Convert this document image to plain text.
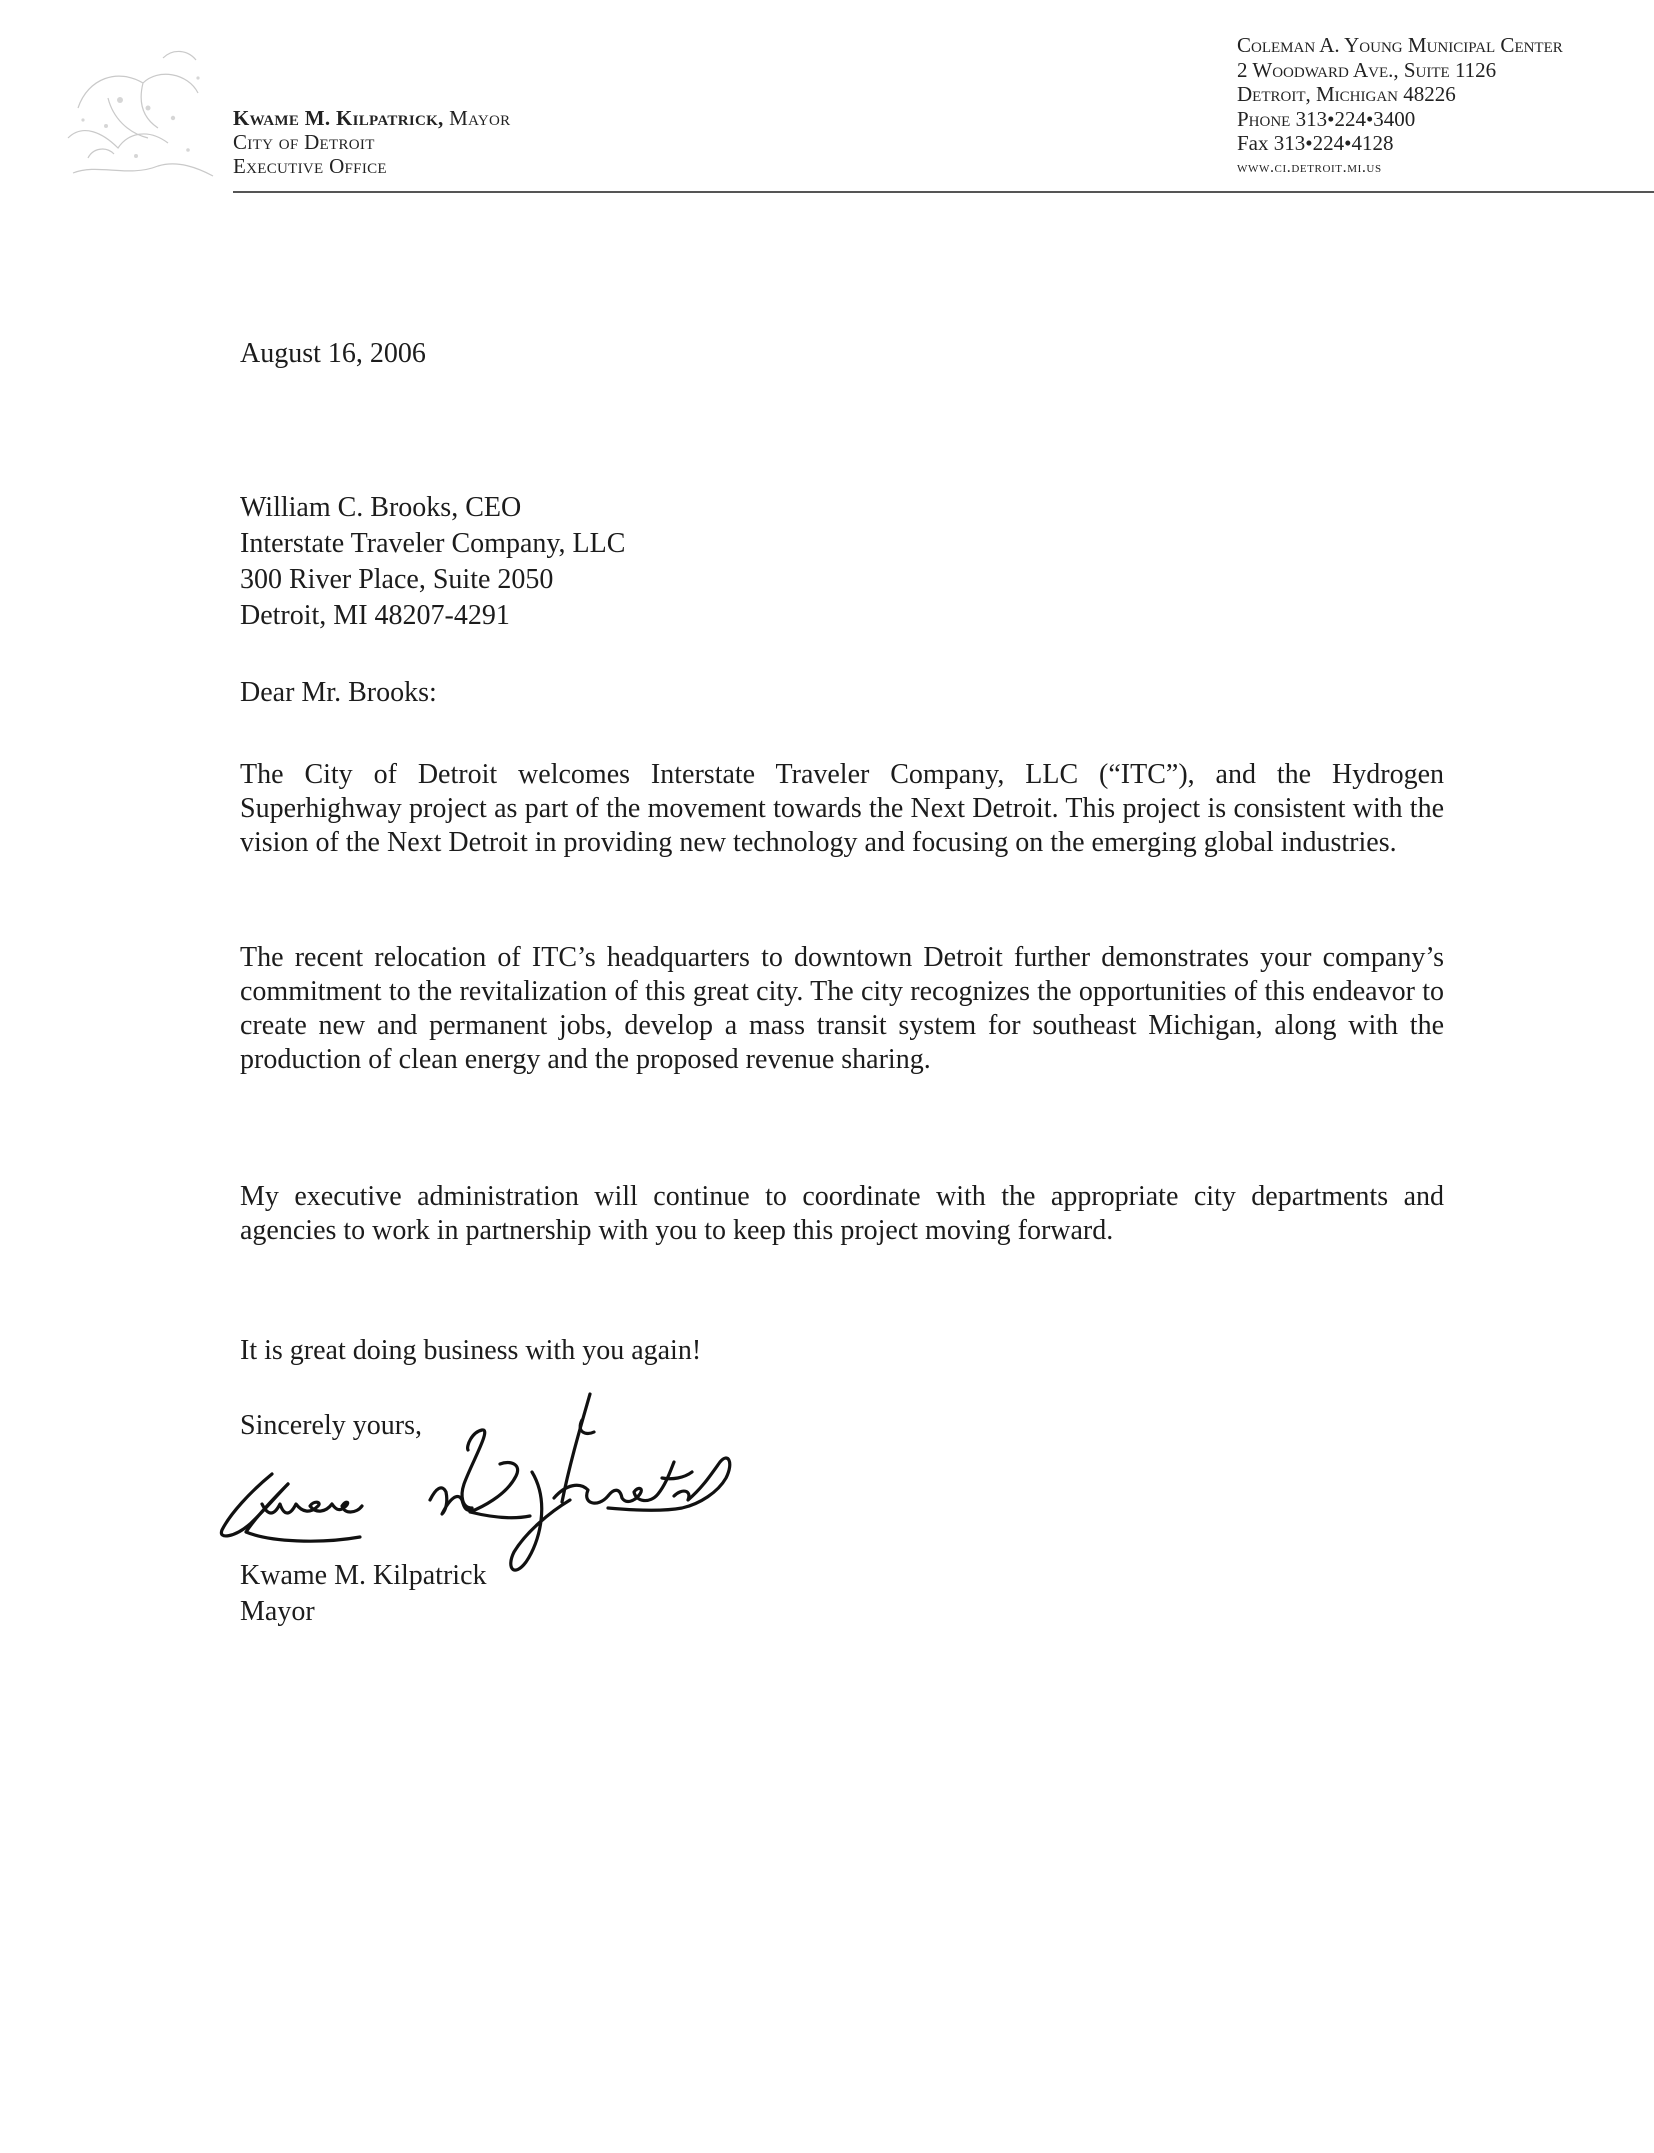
Kwame M. Kilpatrick, Mayor
City of Detroit
Executive Office
Coleman A. Young Municipal Center
2 Woodward Ave., Suite 1126
Detroit, Michigan 48226
Phone 313•224•3400
Fax 313•224•4128
www.ci.detroit.mi.us
August 16, 2006
William C. Brooks, CEO
Interstate Traveler Company, LLC
300 River Place, Suite 2050
Detroit, MI 48207-4291
Dear Mr. Brooks:
The City of Detroit welcomes Interstate Traveler Company, LLC (“ITC”), and the Hydrogen Superhighway project as part of the movement towards the Next Detroit. This project is consistent with the vision of the Next Detroit in providing new technology and focusing on the emerging global industries.
The recent relocation of ITC’s headquarters to downtown Detroit further demonstrates your company’s commitment to the revitalization of this great city. The city recognizes the opportunities of this endeavor to create new and permanent jobs, develop a mass transit system for southeast Michigan, along with the production of clean energy and the proposed revenue sharing.
My executive administration will continue to coordinate with the appropriate city departments and agencies to work in partnership with you to keep this project moving forward.
It is great doing business with you again!
Sincerely yours,
Kwame M. Kilpatrick
Mayor
